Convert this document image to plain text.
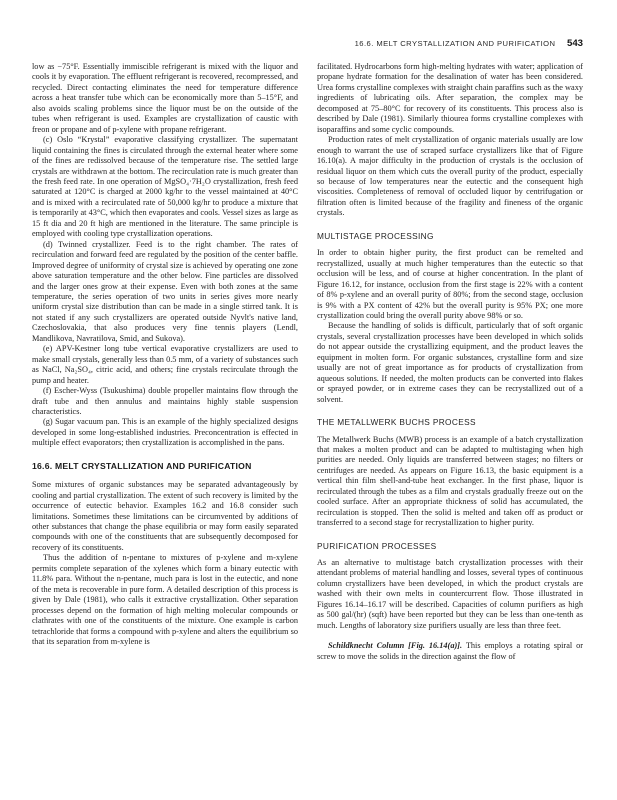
16.6. MELT CRYSTALLIZATION AND PURIFICATION 543

low as −75°F. Essentially immiscible refrigerant is mixed with the liquor and cools it by evaporation. The effluent refrigerant is recovered, recompressed, and recycled. Direct contacting eliminates the need for temperature difference across a heat transfer tube which can be economically more than 5–15°F, and also avoids scaling problems since the liquor must be on the outside of the tubes when refrigerant is used. Examples are crystallization of caustic with freon or propane and of p-xylene with propane refrigerant.

(c) Oslo “Krystal” evaporative classifying crystallizer. The supernatant liquid containing the fines is circulated through the external heater where some of the fines are redissolved because of the temperature rise. The settled large crystals are withdrawn at the bottom. The recirculation rate is much greater than the fresh feed rate. In one operation of MgSO₄·7H₂O crystallization, fresh feed saturated at 120°C is charged at 2000 kg/hr to the vessel maintained at 40°C and is mixed with a recirculated rate of 50,000 kg/hr to produce a mixture that is temporarily at 43°C, which then evaporates and cools. Vessel sizes as large as 15 ft dia and 20 ft high are mentioned in the literature. The same principle is employed with cooling type crystallization operations.

(d) Twinned crystallizer. Feed is to the right chamber. The rates of recirculation and forward feed are regulated by the position of the center baffle. Improved degree of uniformity of crystal size is achieved by operating one zone above saturation temperature and the other below. Fine particles are dissolved and the larger ones grow at their expense. Even with both zones at the same temperature, the series operation of two units in series gives more nearly uniform crystal size distribution than can be made in a single stirred tank. It is not stated if any such crystallizers are operated outside Nyvlt's native land, Czechoslovakia, that also produces very fine tennis players (Lendl, Mandlikova, Navratilova, Smid, and Sukova).

(e) APV-Kestner long tube vertical evaporative crystallizers are used to make small crystals, generally less than 0.5 mm, of a variety of substances such as NaCl, Na₂SO₄, citric acid, and others; fine crystals recirculate through the pump and heater.

(f) Escher-Wyss (Tsukushima) double propeller maintains flow through the draft tube and then annulus and maintains highly stable suspension characteristics.

(g) Sugar vacuum pan. This is an example of the highly specialized designs developed in some long-established industries. Preconcentration is effected in multiple effect evaporators; then crystallization is accomplished in the pans.

16.6. MELT CRYSTALLIZATION AND PURIFICATION

Some mixtures of organic substances may be separated advantageously by cooling and partial crystallization. The extent of such recovery is limited by the occurrence of eutectic behavior. Examples 16.2 and 16.8 consider such limitations. Sometimes these limitations can be circumvented by additions of other substances that change the phase equilibria or may form easily separated compounds with one of the constituents that are subsequently decomposed for recovery of its constituents.

Thus the addition of n-pentane to mixtures of p-xylene and m-xylene permits complete separation of the xylenes which form a binary eutectic with 11.8% para. Without the n-pentane, much para is lost in the eutectic, and none of the meta is recoverable in pure form. A detailed description of this process is given by Dale (1981), who calls it extractive crystallization. Other separation processes depend on the formation of high melting molecular compounds or clathrates with one of the constituents of the mixture. One example is carbon tetrachloride that forms a compound with p-xylene and alters the equilibrium so that its separation from m-xylene is

facilitated. Hydrocarbons form high-melting hydrates with water; application of propane hydrate formation for the desalination of water has been considered. Urea forms crystalline complexes with straight chain paraffins such as the waxy ingredients of lubricating oils. After separation, the complex may be decomposed at 75–80°C for recovery of its constituents. This process also is described by Dale (1981). Similarly thiourea forms crystalline complexes with isoparaffins and some cyclic compounds.

Production rates of melt crystallization of organic materials usually are low enough to warrant the use of scraped surface crystallizers like that of Figure 16.10(a). A major difficulty in the production of crystals is the occlusion of residual liquor on them which cuts the overall purity of the product, especially so because of low temperatures near the eutectic and the consequent high viscosities. Completeness of removal of occluded liquor by centrifugation or filtration often is limited because of the fragility and fineness of the organic crystals.

MULTISTAGE PROCESSING

In order to obtain higher purity, the first product can be remelted and recrystallized, usually at much higher temperatures than the eutectic so that occlusion will be less, and of course at higher concentration. In the plant of Figure 16.12, for instance, occlusion from the first stage is 22% with a content of 8% p-xylene and an overall purity of 80%; from the second stage, occlusion is 9% with a PX content of 42% but the overall purity is 95% PX; one more crystallization could bring the overall purity above 98% or so.

Because the handling of solids is difficult, particularly that of soft organic crystals, several crystallization processes have been developed in which solids do not appear outside the crystallizing equipment, and the product leaves the equipment in molten form. For organic substances, crystalline form and size usually are not of great importance as for products of crystallization from aqueous solutions. If needed, the molten products can be converted into flakes or sprayed powder, or in extreme cases they can be recrystallized out of a solvent.

THE METALLWERK BUCHS PROCESS

The Metallwerk Buchs (MWB) process is an example of a batch crystallization that makes a molten product and can be adapted to multistaging when high purities are needed. Only liquids are transferred between stages; no filters or centrifuges are needed. As appears on Figure 16.13, the basic equipment is a vertical thin film shell-and-tube heat exchanger. In the first phase, liquor is recirculated through the tubes as a film and crystals gradually freeze out on the cooled surface. After an appropriate thickness of solid has accumulated, the recirculation is stopped. Then the solid is melted and taken off as product or transferred to a second stage for recrystallization to higher purity.

PURIFICATION PROCESSES

As an alternative to multistage batch crystallization processes with their attendant problems of material handling and losses, several types of continuous column crystallizers have been developed, in which the product crystals are washed with their own melts in countercurrent flow. Those illustrated in Figures 16.14–16.17 will be described. Capacities of column purifiers as high as 500 gal/(hr) (sqft) have been reported but they can be less than one-tenth as much. Lengths of laboratory size purifiers usually are less than three feet.

Schildknecht Column [Fig. 16.14(a)]. This employs a rotating spiral or screw to move the solids in the direction against the flow of
